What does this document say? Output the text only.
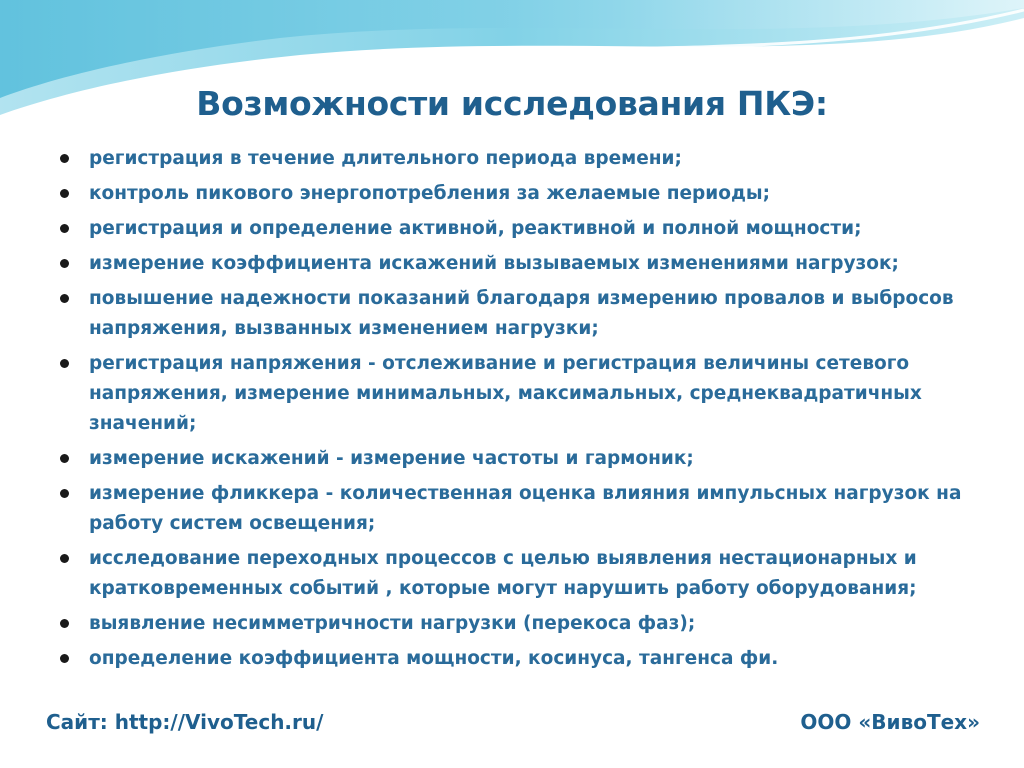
Возможности исследования ПКЭ:
регистрация в течение длительного периода времени;
контроль пикового энергопотребления за желаемые периоды;
регистрация и определение активной, реактивной и полной мощности;
измерение коэффициента искажений вызываемых изменениями нагрузок;
повышение надежности показаний благодаря измерению провалов и выбросов напряжения, вызванных изменением нагрузки;
регистрация напряжения - отслеживание и регистрация величины сетевого напряжения, измерение минимальных, максимальных, среднеквадратичных значений;
измерение искажений - измерение частоты и гармоник;
измерение фликкера - количественная оценка влияния импульсных нагрузок на работу систем освещения;
исследование переходных процессов с целью выявления нестационарных и кратковременных событий , которые могут нарушить работу оборудования;
выявление несимметричности нагрузки (перекоса фаз);
определение коэффициента мощности, косинуса, тангенса фи.

Сайт: http://VivoTech.ru/	ООО «ВивоТех»
